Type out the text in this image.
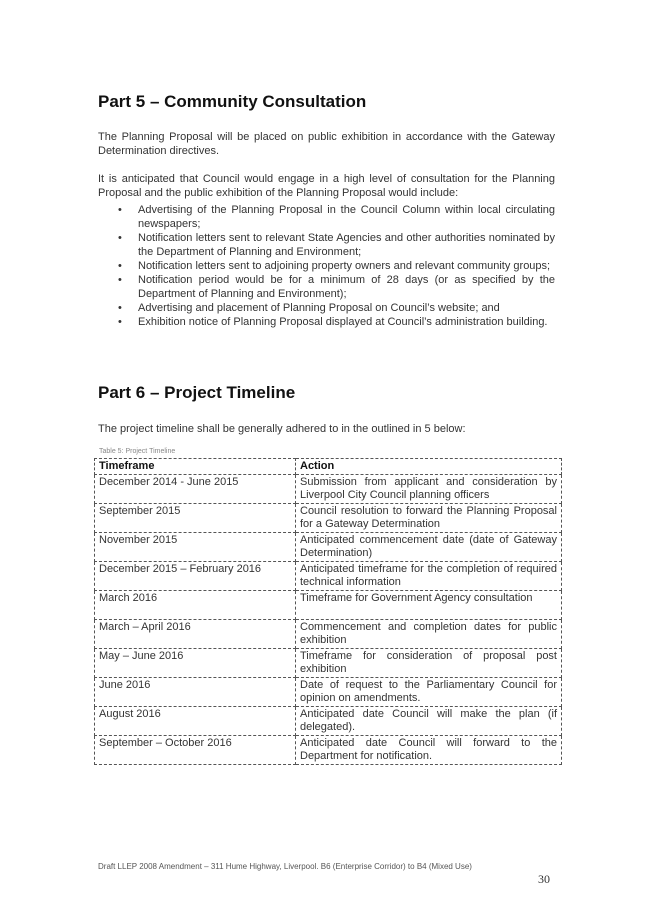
Part 5 – Community Consultation

The Planning Proposal will be placed on public exhibition in accordance with the Gateway Determination directives.

It is anticipated that Council would engage in a high level of consultation for the Planning Proposal and the public exhibition of the Planning Proposal would include:

• Advertising of the Planning Proposal in the Council Column within local circulating newspapers;
• Notification letters sent to relevant State Agencies and other authorities nominated by the Department of Planning and Environment;
• Notification letters sent to adjoining property owners and relevant community groups;
• Notification period would be for a minimum of 28 days (or as specified by the Department of Planning and Environment);
• Advertising and placement of Planning Proposal on Council’s website; and
• Exhibition notice of Planning Proposal displayed at Council’s administration building.
Part 6 – Project Timeline

The project timeline shall be generally adhered to in the outlined in 5 below:

Table 5: Project Timeline
Timeframe	Action
December 2014 - June 2015	Submission from applicant and consideration by Liverpool City Council planning officers
September 2015	Council resolution to forward the Planning Proposal for a Gateway Determination
November 2015	Anticipated commencement date (date of Gateway Determination)
December 2015 – February 2016	Anticipated timeframe for the completion of required technical information
March 2016	Timeframe for Government Agency consultation
March – April 2016	Commencement and completion dates for public exhibition
May – June 2016	Timeframe for consideration of proposal post exhibition
June 2016	Date of request to the Parliamentary Council for opinion on amendments.
August 2016	Anticipated date Council will make the plan (if delegated).
September – October 2016	Anticipated date Council will forward to the Department for notification.
Draft LLEP 2008 Amendment – 311 Hume Highway, Liverpool. B6 (Enterprise Corridor) to B4 (Mixed Use)
30
